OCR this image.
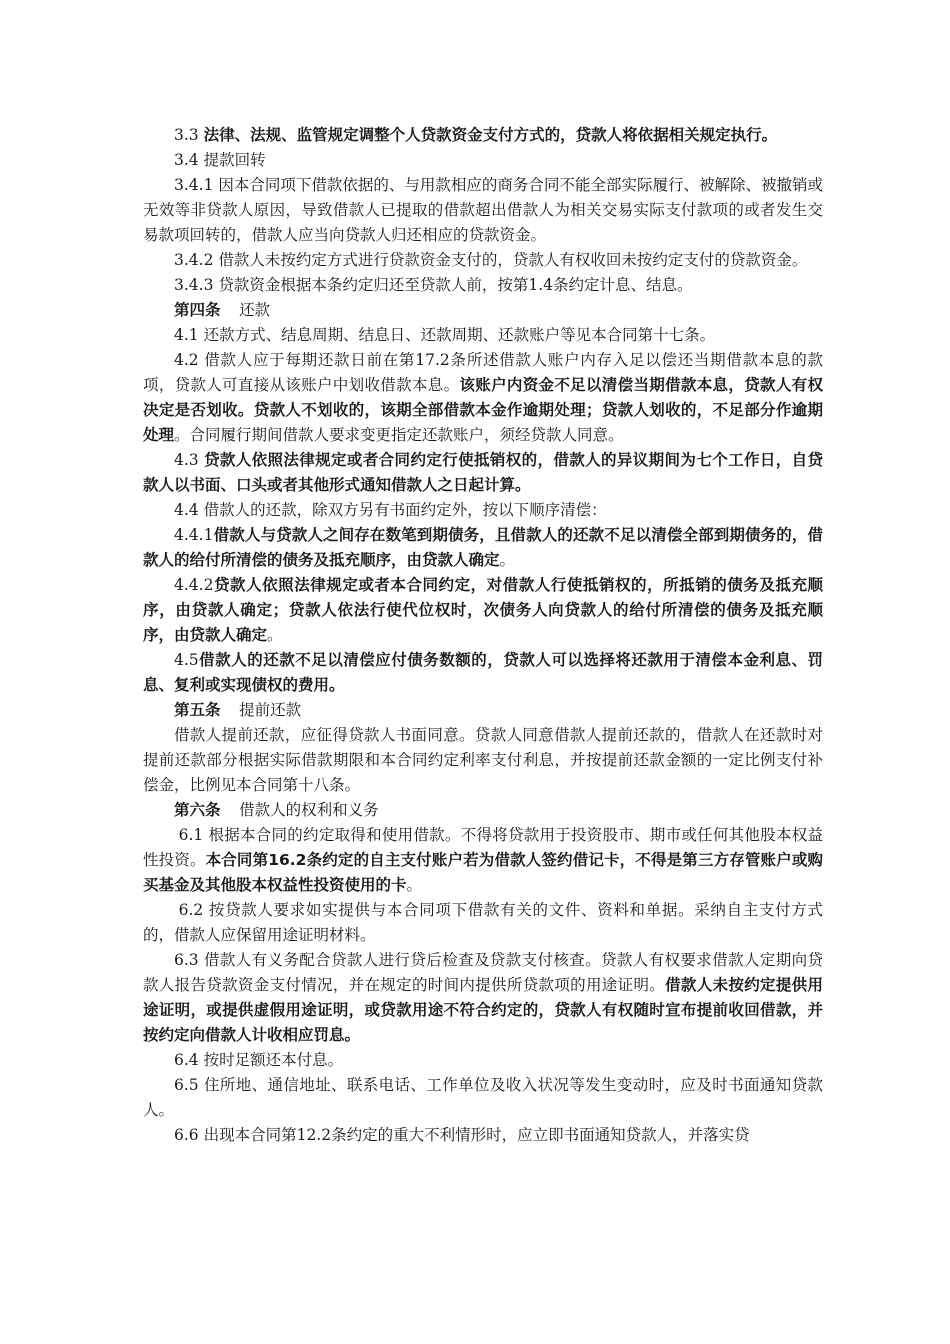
3.3 法律、法规、监管规定调整个人贷款资金支付方式的，贷款人将依据相关规定执行。

3.4 提款回转

3.4.1 因本合同项下借款依据的、与用款相应的商务合同不能全部实际履行、被解除、被撤销或无效等非贷款人原因，导致借款人已提取的借款超出借款人为相关交易实际支付款项的或者发生交易款项回转的，借款人应当向贷款人归还相应的贷款资金。

3.4.2 借款人未按约定方式进行贷款资金支付的，贷款人有权收回未按约定支付的贷款资金。

3.4.3 贷款资金根据本条约定归还至贷款人前，按第1.4条约定计息、结息。

第四条 还款

4.1 还款方式、结息周期、结息日、还款周期、还款账户等见本合同第十七条。

4.2 借款人应于每期还款日前在第17.2条所述借款人账户内存入足以偿还当期借款本息的款项，贷款人可直接从该账户中划收借款本息。该账户内资金不足以清偿当期借款本息，贷款人有权决定是否划收。贷款人不划收的，该期全部借款本金作逾期处理；贷款人划收的，不足部分作逾期处理。合同履行期间借款人要求变更指定还款账户，须经贷款人同意。

4.3 贷款人依照法律规定或者合同约定行使抵销权的，借款人的异议期间为七个工作日，自贷款人以书面、口头或者其他形式通知借款人之日起计算。

4.4 借款人的还款，除双方另有书面约定外，按以下顺序清偿：

4.4.1借款人与贷款人之间存在数笔到期债务，且借款人的还款不足以清偿全部到期债务的，借款人的给付所清偿的债务及抵充顺序，由贷款人确定。

4.4.2贷款人依照法律规定或者本合同约定，对借款人行使抵销权的，所抵销的债务及抵充顺序，由贷款人确定；贷款人依法行使代位权时，次债务人向贷款人的给付所清偿的债务及抵充顺序，由贷款人确定。

4.5借款人的还款不足以清偿应付债务数额的，贷款人可以选择将还款用于清偿本金利息、罚息、复利或实现债权的费用。

第五条 提前还款

借款人提前还款，应征得贷款人书面同意。贷款人同意借款人提前还款的，借款人在还款时对提前还款部分根据实际借款期限和本合同约定利率支付利息，并按提前还款金额的一定比例支付补偿金，比例见本合同第十八条。

第六条 借款人的权利和义务

6.1 根据本合同的约定取得和使用借款。不得将贷款用于投资股市、期市或任何其他股本权益性投资。本合同第16.2条约定的自主支付账户若为借款人签约借记卡，不得是第三方存管账户或购买基金及其他股本权益性投资使用的卡。

6.2 按贷款人要求如实提供与本合同项下借款有关的文件、资料和单据。采纳自主支付方式的，借款人应保留用途证明材料。

6.3 借款人有义务配合贷款人进行贷后检查及贷款支付核查。贷款人有权要求借款人定期向贷款人报告贷款资金支付情况，并在规定的时间内提供所贷款项的用途证明。借款人未按约定提供用途证明，或提供虚假用途证明，或贷款用途不符合约定的，贷款人有权随时宣布提前收回借款，并按约定向借款人计收相应罚息。

6.4 按时足额还本付息。

6.5 住所地、通信地址、联系电话、工作单位及收入状况等发生变动时，应及时书面通知贷款人。

6.6 出现本合同第12.2条约定的重大不利情形时，应立即书面通知贷款人，并落实贷
